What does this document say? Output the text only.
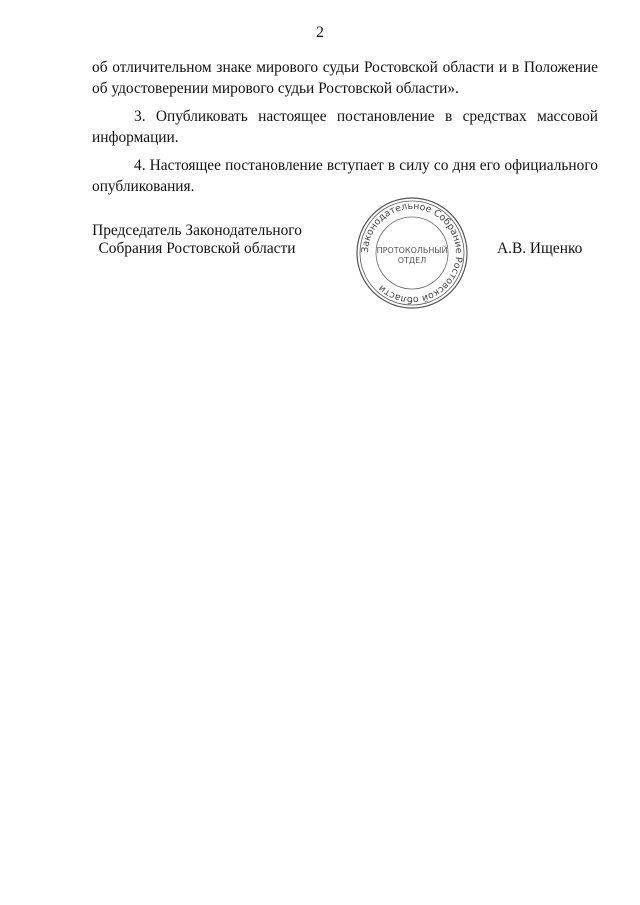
2

об отличительном знаке мирового судьи Ростовской области и в Положение об удостоверении мирового судьи Ростовской области».

3. Опубликовать настоящее постановление в средствах массовой информации.

4. Настоящее постановление вступает в силу со дня его официального опубликования.

Председатель Законодательного
Собрания Ростовской области	Законодательное Собрание Ростовской области
ПРОТОКОЛЬНЫЙ
ОТДЕЛ
А.В. Ищенко
